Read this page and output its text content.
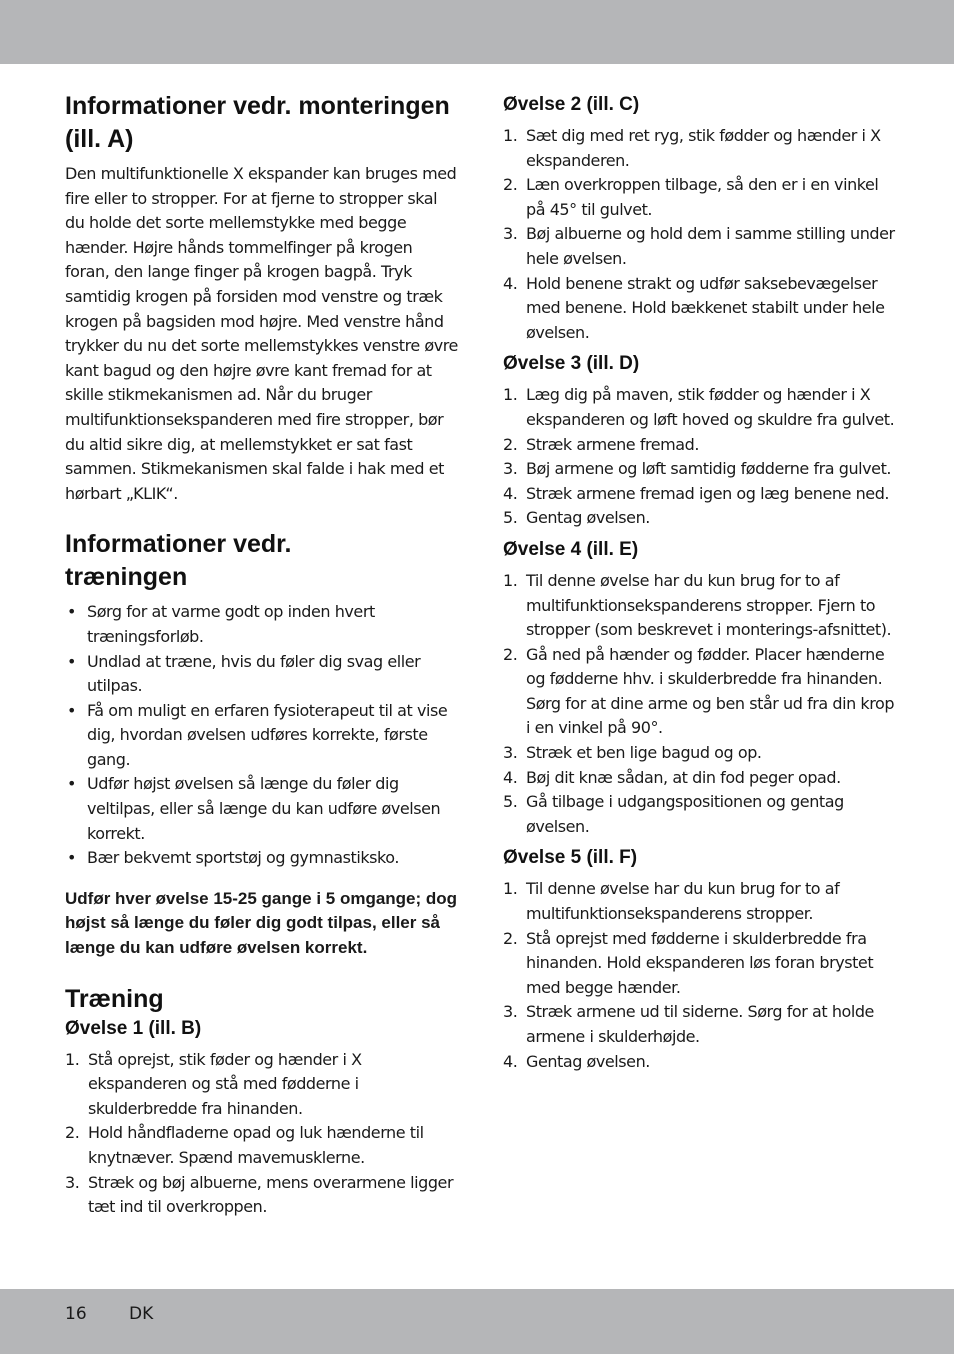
Informationer vedr. monteringen (ill. A)

Den multifunktionelle X ekspander kan bruges med fire eller to stropper. For at fjerne to stropper skal du holde det sorte mellemstykke med begge hænder. Højre hånds tommelfinger på krogen foran, den lange finger på krogen bagpå. Tryk samtidig krogen på forsiden mod venstre og træk krogen på bagsiden mod højre. Med venstre hånd trykker du nu det sorte mellemstykkes venstre øvre kant bagud og den højre øvre kant fremad for at skille stikmekanismen ad. Når du bruger multifunktionsekspanderen med fire stropper, bør du altid sikre dig, at mellemstykket er sat fast sammen. Stikmekanismen skal falde i hak med et hørbart „KLIK“.

Informationer vedr. træningen
• Sørg for at varme godt op inden hvert træningsforløb.
• Undlad at træne, hvis du føler dig svag eller utilpas.
• Få om muligt en erfaren fysioterapeut til at vise dig, hvordan øvelsen udføres korrekte, første gang.
• Udfør højst øvelsen så længe du føler dig veltilpas, eller så længe du kan udføre øvelsen korrekt.
• Bær bekvemt sportstøj og gymnastiksko.

Udfør hver øvelse 15-25 gange i 5 omgange; dog højst så længe du føler dig godt tilpas, eller så længe du kan udføre øvelsen korrekt.

Træning
Øvelse 1 (ill. B)
1. Stå oprejst, stik føder og hænder i X ekspanderen og stå med fødderne i skulderbredde fra hinanden.
2. Hold håndfladerne opad og luk hænderne til knytnæver. Spænd mavemusklerne.
3. Stræk og bøj albuerne, mens overarmene ligger tæt ind til overkroppen.
Øvelse 2 (ill. C)
1. Sæt dig med ret ryg, stik fødder og hænder i X ekspanderen.
2. Læn overkroppen tilbage, så den er i en vinkel på 45° til gulvet.
3. Bøj albuerne og hold dem i samme stilling under hele øvelsen.
4. Hold benene strakt og udfør saksebevægelser med benene. Hold bækkenet stabilt under hele øvelsen.
Øvelse 3 (ill. D)
1. Læg dig på maven, stik fødder og hænder i X ekspanderen og løft hoved og skuldre fra gulvet.
2. Stræk armene fremad.
3. Bøj armene og løft samtidig fødderne fra gulvet.
4. Stræk armene fremad igen og læg benene ned.
5. Gentag øvelsen.
Øvelse 4 (ill. E)
1. Til denne øvelse har du kun brug for to af multifunktionsekspanderens stropper. Fjern to stropper (som beskrevet i monterings-afsnittet).
2. Gå ned på hænder og fødder. Placer hænderne og fødderne hhv. i skulderbredde fra hinanden. Sørg for at dine arme og ben står ud fra din krop i en vinkel på 90°.
3. Stræk et ben lige bagud og op.
4. Bøj dit knæ sådan, at din fod peger opad.
5. Gå tilbage i udgangspositionen og gentag øvelsen.
Øvelse 5 (ill. F)
1. Til denne øvelse har du kun brug for to af multifunktionsekspanderens stropper.
2. Stå oprejst med fødderne i skulderbredde fra hinanden. Hold ekspanderen løs foran brystet med begge hænder.
3. Stræk armene ud til siderne. Sørg for at holde armene i skulderhøjde.
4. Gentag øvelsen.
16 DK
